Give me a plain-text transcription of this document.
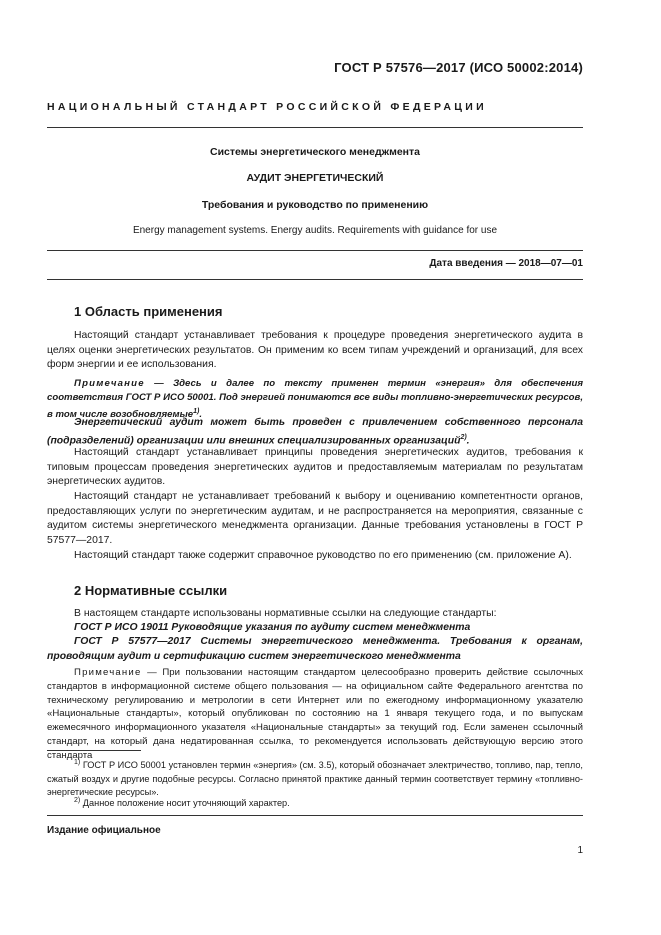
ГОСТ Р 57576—2017 (ИСО 50002:2014)
НАЦИОНАЛЬНЫЙ СТАНДАРТ РОССИЙСКОЙ ФЕДЕРАЦИИ
Системы энергетического менеджмента
АУДИТ ЭНЕРГЕТИЧЕСКИЙ
Требования и руководство по применению
Energy management systems. Energy audits. Requirements with guidance for use
Дата введения — 2018—07—01
1 Область применения
Настоящий стандарт устанавливает требования к процедуре проведения энергетического аудита в целях оценки энергетических результатов. Он применим ко всем типам учреждений и организаций, для всех форм энергии и ее использования.
Примечание — Здесь и далее по тексту применен термин «энергия» для обеспечения соответствия ГОСТ Р ИСО 50001. Под энергией понимаются все виды топливно-энергетических ресурсов, в том числе возобновляемые$^{1)}$.
Энергетический аудит может быть проведен с привлечением собственного персонала (подразделений) организации или внешних специализированных организаций$^{2)}$.
Настоящий стандарт устанавливает принципы проведения энергетических аудитов, требования к типовым процессам проведения энергетических аудитов и предоставляемым материалам по результатам энергетических аудитов.
Настоящий стандарт не устанавливает требований к выбору и оцениванию компетентности органов, предоставляющих услуги по энергетическим аудитам, и не распространяется на мероприятия, связанные с аудитом системы энергетического менеджмента организации. Данные требования установлены в ГОСТ Р 57577—2017.
Настоящий стандарт также содержит справочное руководство по его применению (см. приложение А).
2 Нормативные ссылки
В настоящем стандарте использованы нормативные ссылки на следующие стандарты:
ГОСТ Р ИСО 19011 Руководящие указания по аудиту систем менеджмента
ГОСТ Р 57577—2017 Системы энергетического менеджмента. Требования к органам, проводящим аудит и сертификацию систем энергетического менеджмента
Примечание — При пользовании настоящим стандартом целесообразно проверить действие ссылочных стандартов в информационной системе общего пользования — на официальном сайте Федерального агентства по техническому регулированию и метрологии в сети Интернет или по ежегодному информационному указателю «Национальные стандарты», который опубликован по состоянию на 1 января текущего года, и по выпускам ежемесячного информационного указателя «Национальные стандарты» за текущий год. Если заменен ссылочный стандарт, на который дана недатированная ссылка, то рекомендуется использовать действующую версию этого стандарта
$^{1)}$ ГОСТ Р ИСО 50001 установлен термин «энергия» (см. 3.5), который обозначает электричество, топливо, пар, тепло, сжатый воздух и другие подобные ресурсы. Согласно принятой практике данный термин соответствует термину «топливно-энергетические ресурсы».
$^{2)}$ Данное положение носит уточняющий характер.
Издание официальное
1
